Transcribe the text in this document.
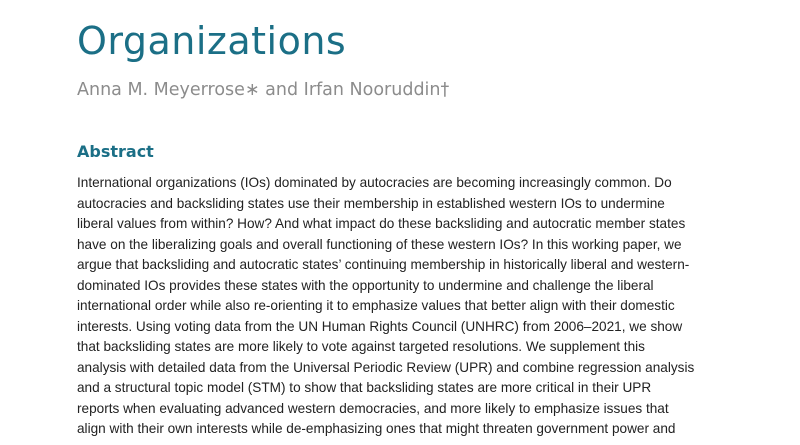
Organizations
Anna M. Meyerrose∗ and Irfan Nooruddin†
Abstract
International organizations (IOs) dominated by autocracies are becoming increasingly common. Do
autocracies and backsliding states use their membership in established western IOs to undermine
liberal values from within? How? And what impact do these backsliding and autocratic member states
have on the liberalizing goals and overall functioning of these western IOs? In this working paper, we
argue that backsliding and autocratic states’ continuing membership in historically liberal and western-
dominated IOs provides these states with the opportunity to undermine and challenge the liberal
international order while also re-orienting it to emphasize values that better align with their domestic
interests. Using voting data from the UN Human Rights Council (UNHRC) from 2006–2021, we show
that backsliding states are more likely to vote against targeted resolutions. We supplement this
analysis with detailed data from the Universal Periodic Review (UPR) and combine regression analysis
and a structural topic model (STM) to show that backsliding states are more critical in their UPR
reports when evaluating advanced western democracies, and more likely to emphasize issues that
align with their own interests while de-emphasizing ones that might threaten government power and
